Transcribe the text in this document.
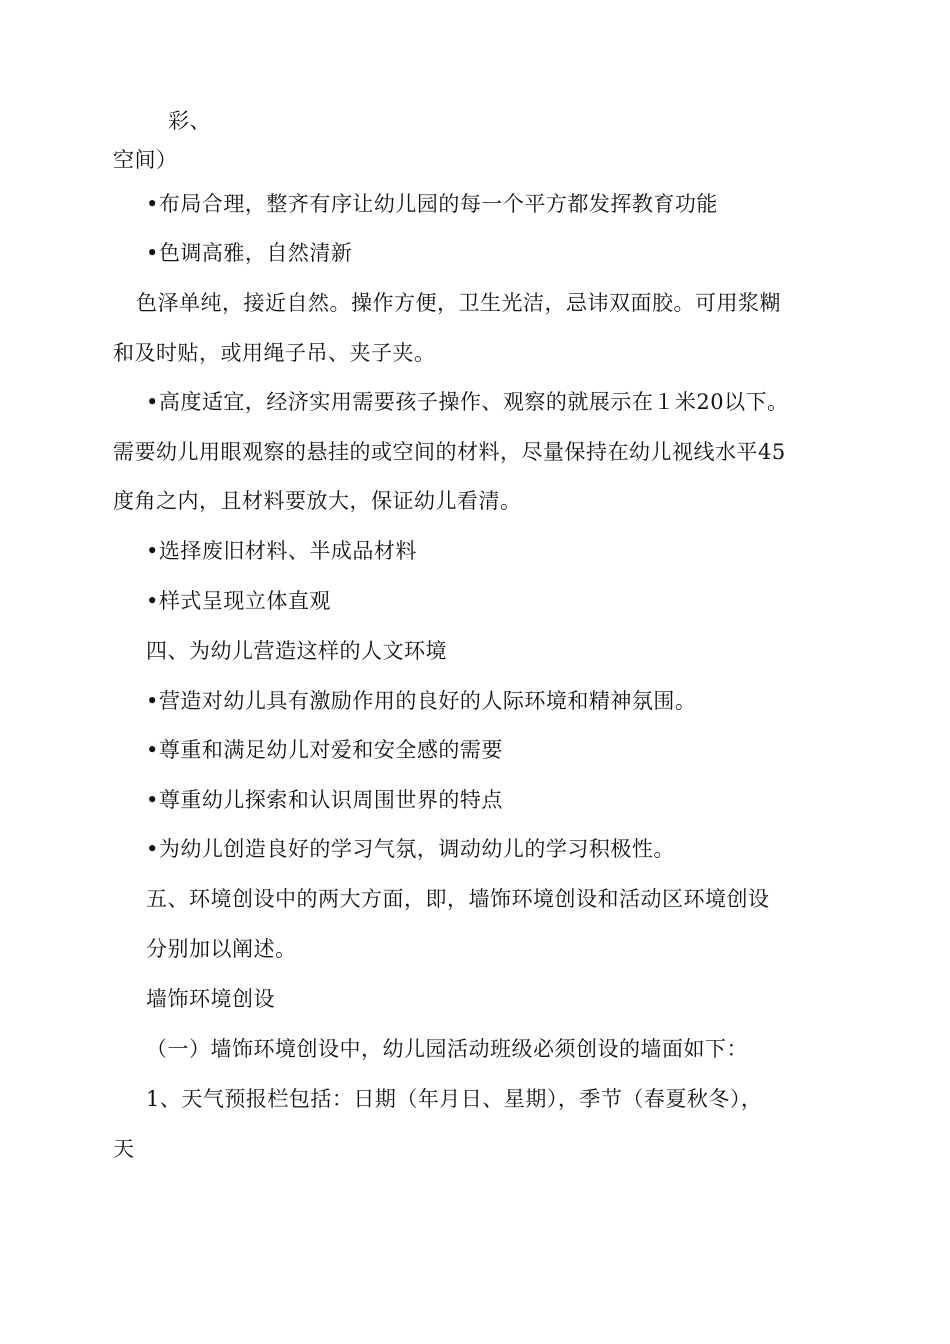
彩、
空间）
•布局合理，整齐有序让幼儿园的每一个平方都发挥教育功能
•色调高雅，自然清新
色泽单纯，接近自然。操作方便，卫生光洁，忌讳双面胶。可用浆糊
和及时贴，或用绳子吊、夹子夹。
•高度适宜，经济实用需要孩子操作、观察的就展示在１米20以下。
需要幼儿用眼观察的悬挂的或空间的材料，尽量保持在幼儿视线水平45
度角之内，且材料要放大，保证幼儿看清。
•选择废旧材料、半成品材料
•样式呈现立体直观
四、为幼儿营造这样的人文环境
•营造对幼儿具有激励作用的良好的人际环境和精神氛围。
•尊重和满足幼儿对爱和安全感的需要
•尊重幼儿探索和认识周围世界的特点
•为幼儿创造良好的学习气氛，调动幼儿的学习积极性。
五、环境创设中的两大方面，即，墙饰环境创设和活动区环境创设
分别加以阐述。
墙饰环境创设
（一）墙饰环境创设中，幼儿园活动班级必须创设的墙面如下：
1、天气预报栏包括：日期（年月日、星期），季节（春夏秋冬），
天
